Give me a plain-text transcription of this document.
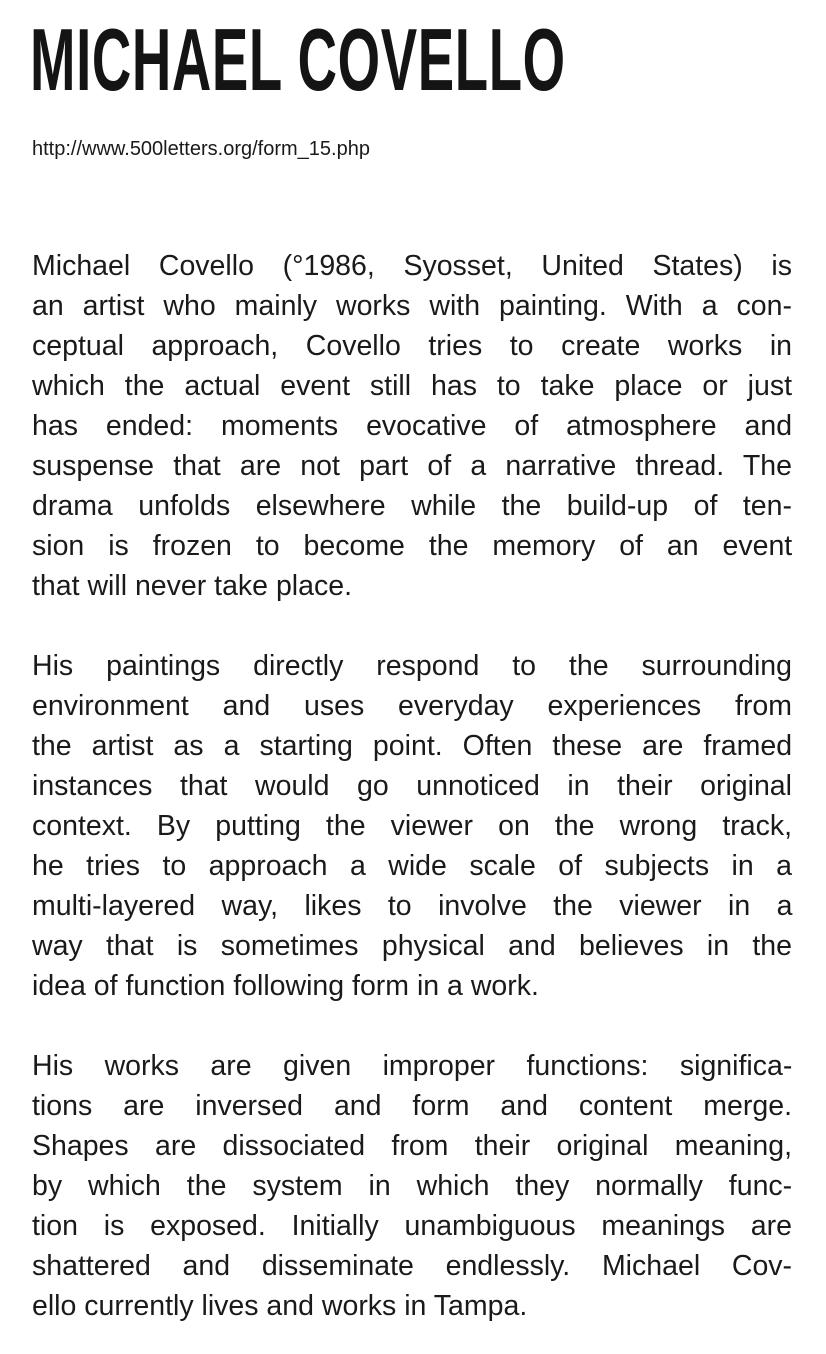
MICHAEL COVELLO
http://www.500letters.org/form_15.php
Michael Covello (°1986, Syosset, United States) is
an artist who mainly works with painting. With a con-
ceptual approach, Covello tries to create works in
which the actual event still has to take place or just
has ended: moments evocative of atmosphere and
suspense that are not part of a narrative thread. The
drama unfolds elsewhere while the build-up of ten-
sion is frozen to become the memory of an event
that will never take place.
His paintings directly respond to the surrounding
environment and uses everyday experiences from
the artist as a starting point. Often these are framed
instances that would go unnoticed in their original
context. By putting the viewer on the wrong track,
he tries to approach a wide scale of subjects in a
multi-layered way, likes to involve the viewer in a
way that is sometimes physical and believes in the
idea of function following form in a work.
His works are given improper functions: significa-
tions are inversed and form and content merge.
Shapes are dissociated from their original meaning,
by which the system in which they normally func-
tion is exposed. Initially unambiguous meanings are
shattered and disseminate endlessly. Michael Cov-
ello currently lives and works in Tampa.
